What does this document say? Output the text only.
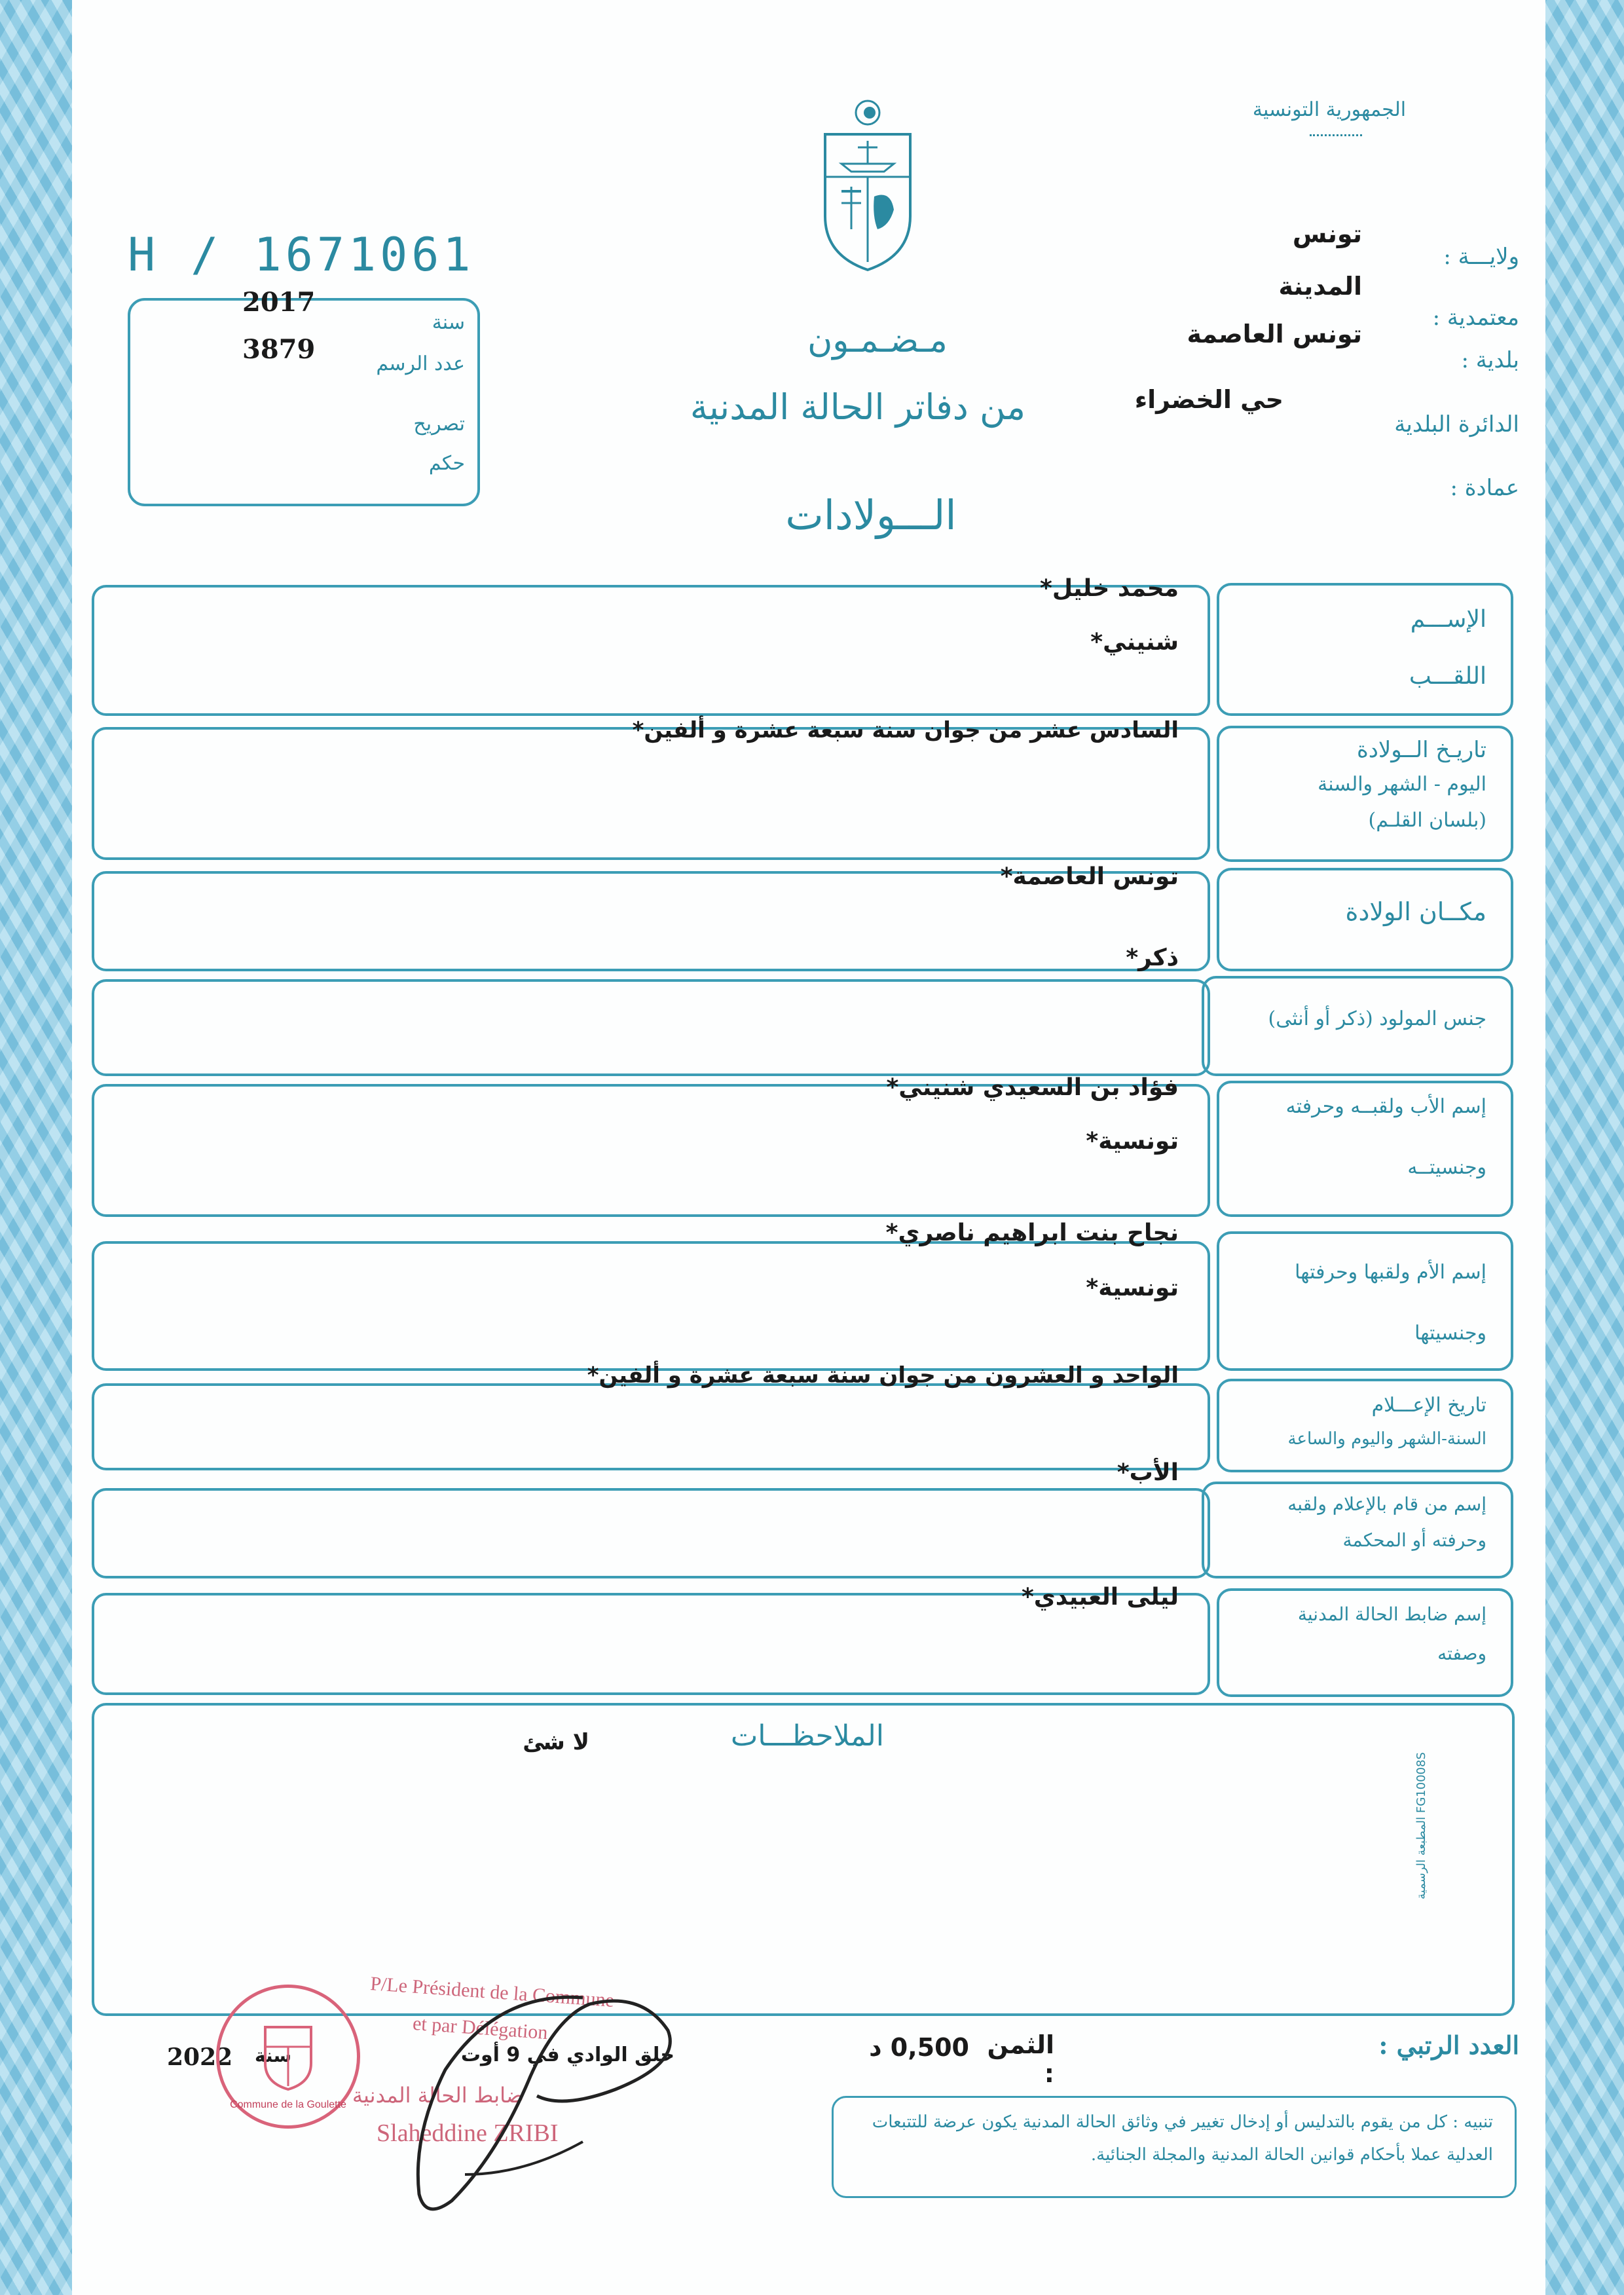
الجمهورية التونسية
H / 1671061
2017
3879
سنة
عدد الرسم
تصريح
حكم
ولايـــة :
تونس
معتمدية :
المدينة
بلدية :
تونس العاصمة
الدائرة البلدية
حي الخضراء
عمادة :
مـضـمـون
من دفاتر الحالة المدنية
الـــولادات
الإســـم
اللقـــب
محمد خليل*
شنيني*
تاريـخ الــولادة
اليوم - الشهر والسنة
(بلسان القلـم)
السادس عشر من جوان سنة سبعة عشرة و ألفين*
مكــان الولادة
تونس العاصمة*
جنس المولود (ذكر أو أنثى)
ذكر*
إسم الأب ولقبــه وحرفته
وجنسيتــه
فؤاد بن السعيدي شنيني*
تونسية*
إسم الأم ولقبها وحرفتها
وجنسيتها
نجاح بنت ابراهيم ناصري*
تونسية*
تاريخ الإعـــلام
السنة-الشهر واليوم والساعة
الواحد و العشرون من جوان سنة سبعة عشرة و ألفين*
إسم من قام بالإعلام ولقبه
وحرفته أو المحكمة
الأب*
إسم ضابط الحالة المدنية
وصفته
ليلى العبيدي*
الملاحظـــات
لا شئ
العدد الرتبي :
الثمن :
0,500 د
حلق الوادي في 9 أوت
سنة
2022
تنبيه : كل من يقوم بالتدليس أو إدخال تغيير في وثائق الحالة المدنية يكون عرضة للتتبعات العدلية عملا بأحكام قوانين الحالة المدنية والمجلة الجنائية.
Commune de la Goulette
P/Le Président de la Commune
et par Délégation
ضابط الحالة المدنية
Slaheddine ZRIBI
المطبعة الرسمية FG10008S
